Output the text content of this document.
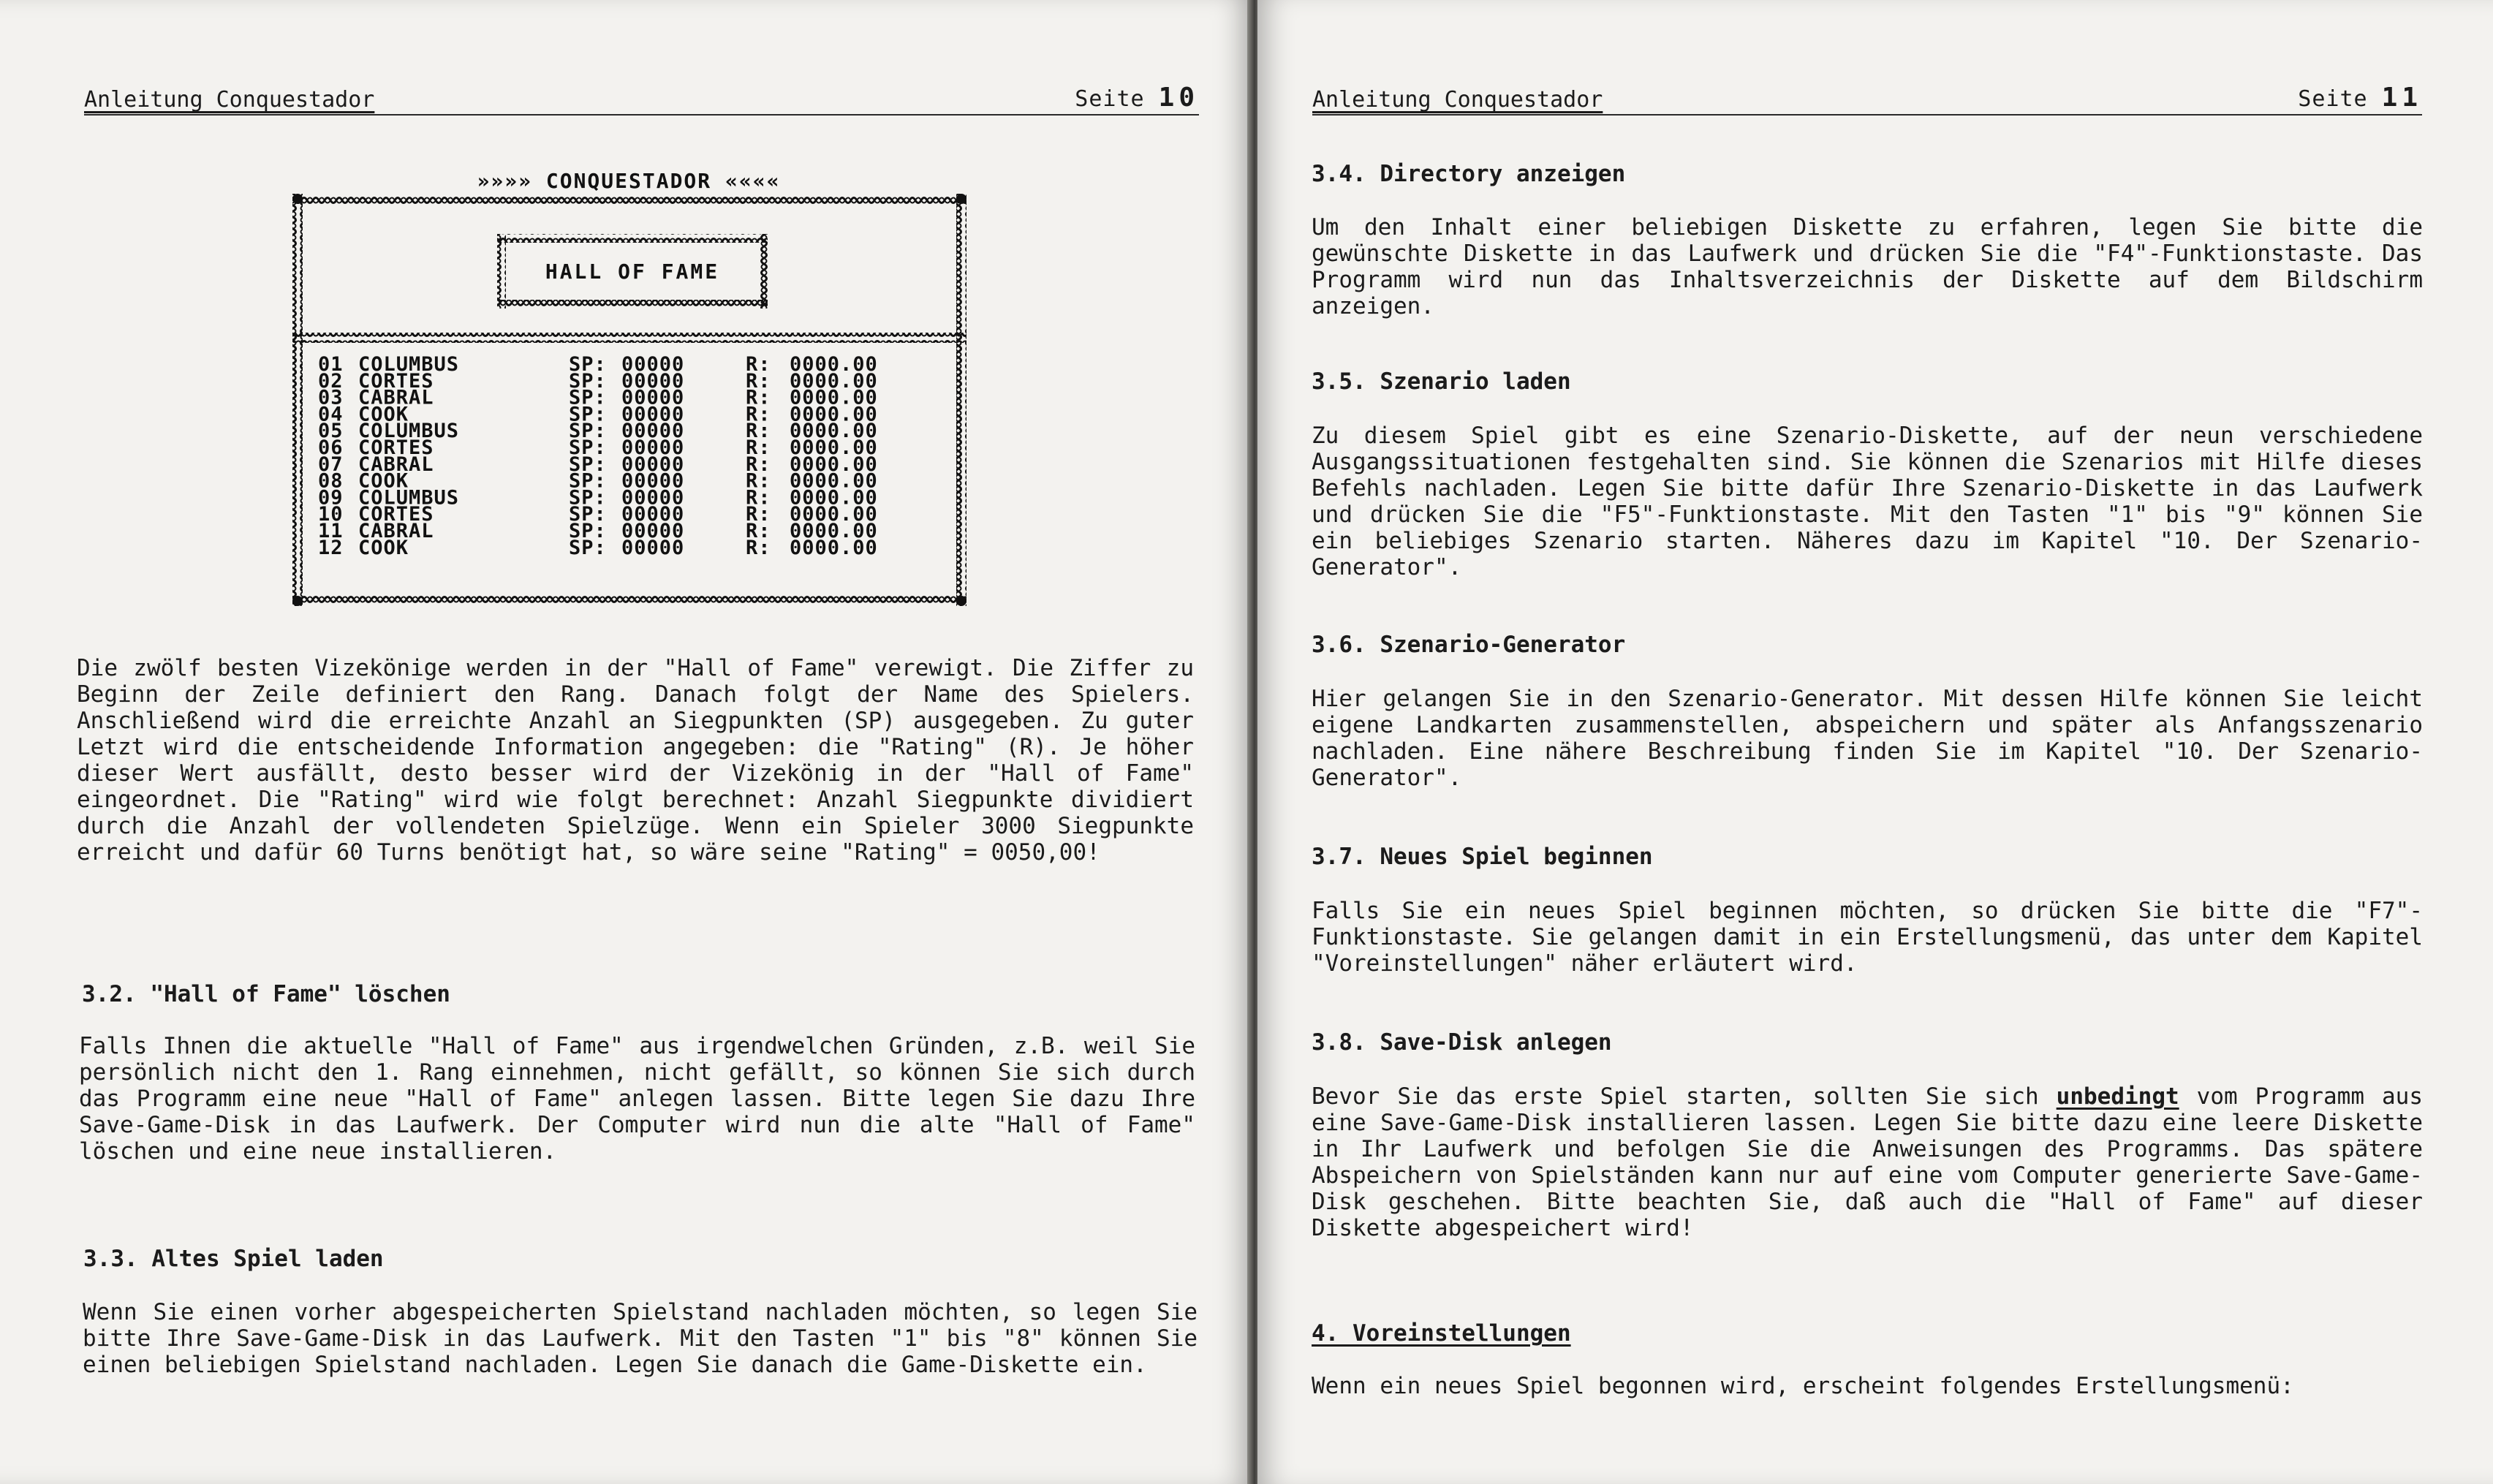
Anleitung Conquestador	Seite 10
»»»» CONQUESTADOR ««««
HALL OF FAME
01 COLUMBUS	SP: 00000	R: 0000.00
02 CORTES	SP: 00000	R: 0000.00
03 CABRAL	SP: 00000	R: 0000.00
04 COOK	SP: 00000	R: 0000.00
05 COLUMBUS	SP: 00000	R: 0000.00
06 CORTES	SP: 00000	R: 0000.00
07 CABRAL	SP: 00000	R: 0000.00
08 COOK	SP: 00000	R: 0000.00
09 COLUMBUS	SP: 00000	R: 0000.00
10 CORTES	SP: 00000	R: 0000.00
11 CABRAL	SP: 00000	R: 0000.00
12 COOK	SP: 00000	R: 0000.00

Die zwölf besten Vizekönige werden in der "Hall of Fame" verewigt. Die Ziffer zu Beginn der Zeile definiert den Rang. Danach folgt der Name des Spielers. Anschließend wird die erreichte Anzahl an Siegpunkten (SP) ausgegeben. Zu guter Letzt wird die entscheidende Information angegeben: die "Rating" (R). Je höher dieser Wert ausfällt, desto besser wird der Vizekönig in der "Hall of Fame" eingeordnet. Die "Rating" wird wie folgt berechnet: Anzahl Siegpunkte dividiert durch die Anzahl der vollendeten Spielzüge. Wenn ein Spieler 3000 Siegpunkte erreicht und dafür 60 Turns benötigt hat, so wäre seine "Rating" = 0050,00!

3.2. "Hall of Fame" löschen

Falls Ihnen die aktuelle "Hall of Fame" aus irgendwelchen Gründen, z.B. weil Sie persönlich nicht den 1. Rang einnehmen, nicht gefällt, so können Sie sich durch das Programm eine neue "Hall of Fame" anlegen lassen. Bitte legen Sie dazu Ihre Save-Game-Disk in das Laufwerk. Der Computer wird nun die alte "Hall of Fame" löschen und eine neue installieren.

3.3. Altes Spiel laden

Wenn Sie einen vorher abgespeicherten Spielstand nachladen möchten, so legen Sie bitte Ihre Save-Game-Disk in das Laufwerk. Mit den Tasten "1" bis "8" können Sie einen beliebigen Spielstand nachladen. Legen Sie danach die Game-Diskette ein.

Anleitung Conquestador	Seite 11
3.4. Directory anzeigen

Um den Inhalt einer beliebigen Diskette zu erfahren, legen Sie bitte die gewünschte Diskette in das Laufwerk und drücken Sie die "F4"-Funktionstaste. Das Programm wird nun das Inhaltsverzeichnis der Diskette auf dem Bildschirm anzeigen.

3.5. Szenario laden

Zu diesem Spiel gibt es eine Szenario-Diskette, auf der neun verschiedene Ausgangssituationen festgehalten sind. Sie können die Szenarios mit Hilfe dieses Befehls nachladen. Legen Sie bitte dafür Ihre Szenario-Diskette in das Laufwerk und drücken Sie die "F5"-Funktionstaste. Mit den Tasten "1" bis "9" können Sie ein beliebiges Szenario starten. Näheres dazu im Kapitel "10. Der Szenario-Generator".

3.6. Szenario-Generator

Hier gelangen Sie in den Szenario-Generator. Mit dessen Hilfe können Sie leicht eigene Landkarten zusammenstellen, abspeichern und später als Anfangsszenario nachladen. Eine nähere Beschreibung finden Sie im Kapitel "10. Der Szenario-Generator".

3.7. Neues Spiel beginnen

Falls Sie ein neues Spiel beginnen möchten, so drücken Sie bitte die "F7"-Funktionstaste. Sie gelangen damit in ein Erstellungsmenü, das unter dem Kapitel "Voreinstellungen" näher erläutert wird.

3.8. Save-Disk anlegen

Bevor Sie das erste Spiel starten, sollten Sie sich unbedingt vom Programm aus eine Save-Game-Disk installieren lassen. Legen Sie bitte dazu eine leere Diskette in Ihr Laufwerk und befolgen Sie die Anweisungen des Programms. Das spätere Abspeichern von Spielständen kann nur auf eine vom Computer generierte Save-Game-Disk geschehen. Bitte beachten Sie, daß auch die "Hall of Fame" auf dieser Diskette abgespeichert wird!

4. Voreinstellungen

Wenn ein neues Spiel begonnen wird, erscheint folgendes Erstellungsmenü:
